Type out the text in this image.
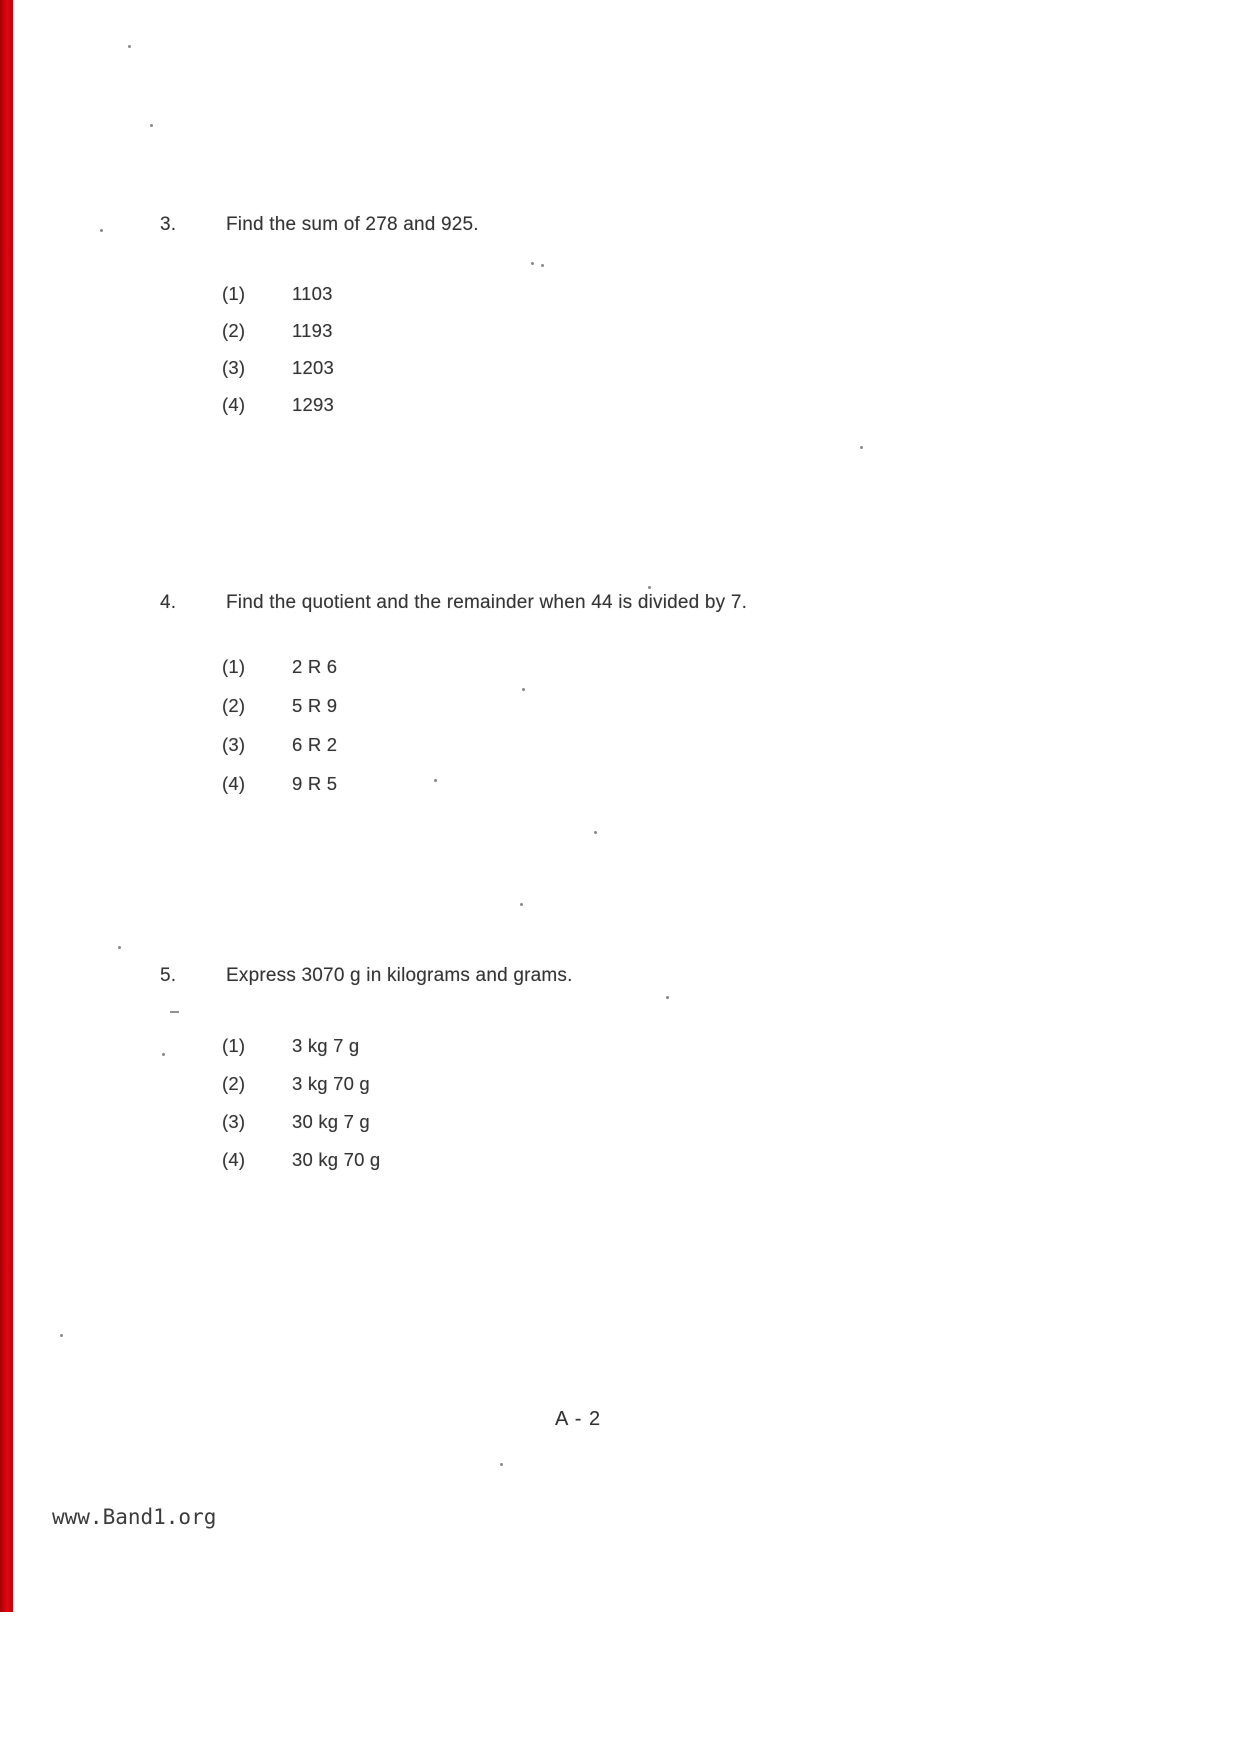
3.	Find the sum of 278 and 925.
(1)	1103
(2)	1193
(3)	1203
(4)	1293
4.	Find the quotient and the remainder when 44 is divided by 7.
(1)	2 R 6
(2)	5 R 9
(3)	6 R 2
(4)	9 R 5
5.	Express 3070 g in kilograms and grams.
(1)	3 kg 7 g
(2)	3 kg 70 g
(3)	30 kg 7 g
(4)	30 kg 70 g
A - 2
www.Band1.org
